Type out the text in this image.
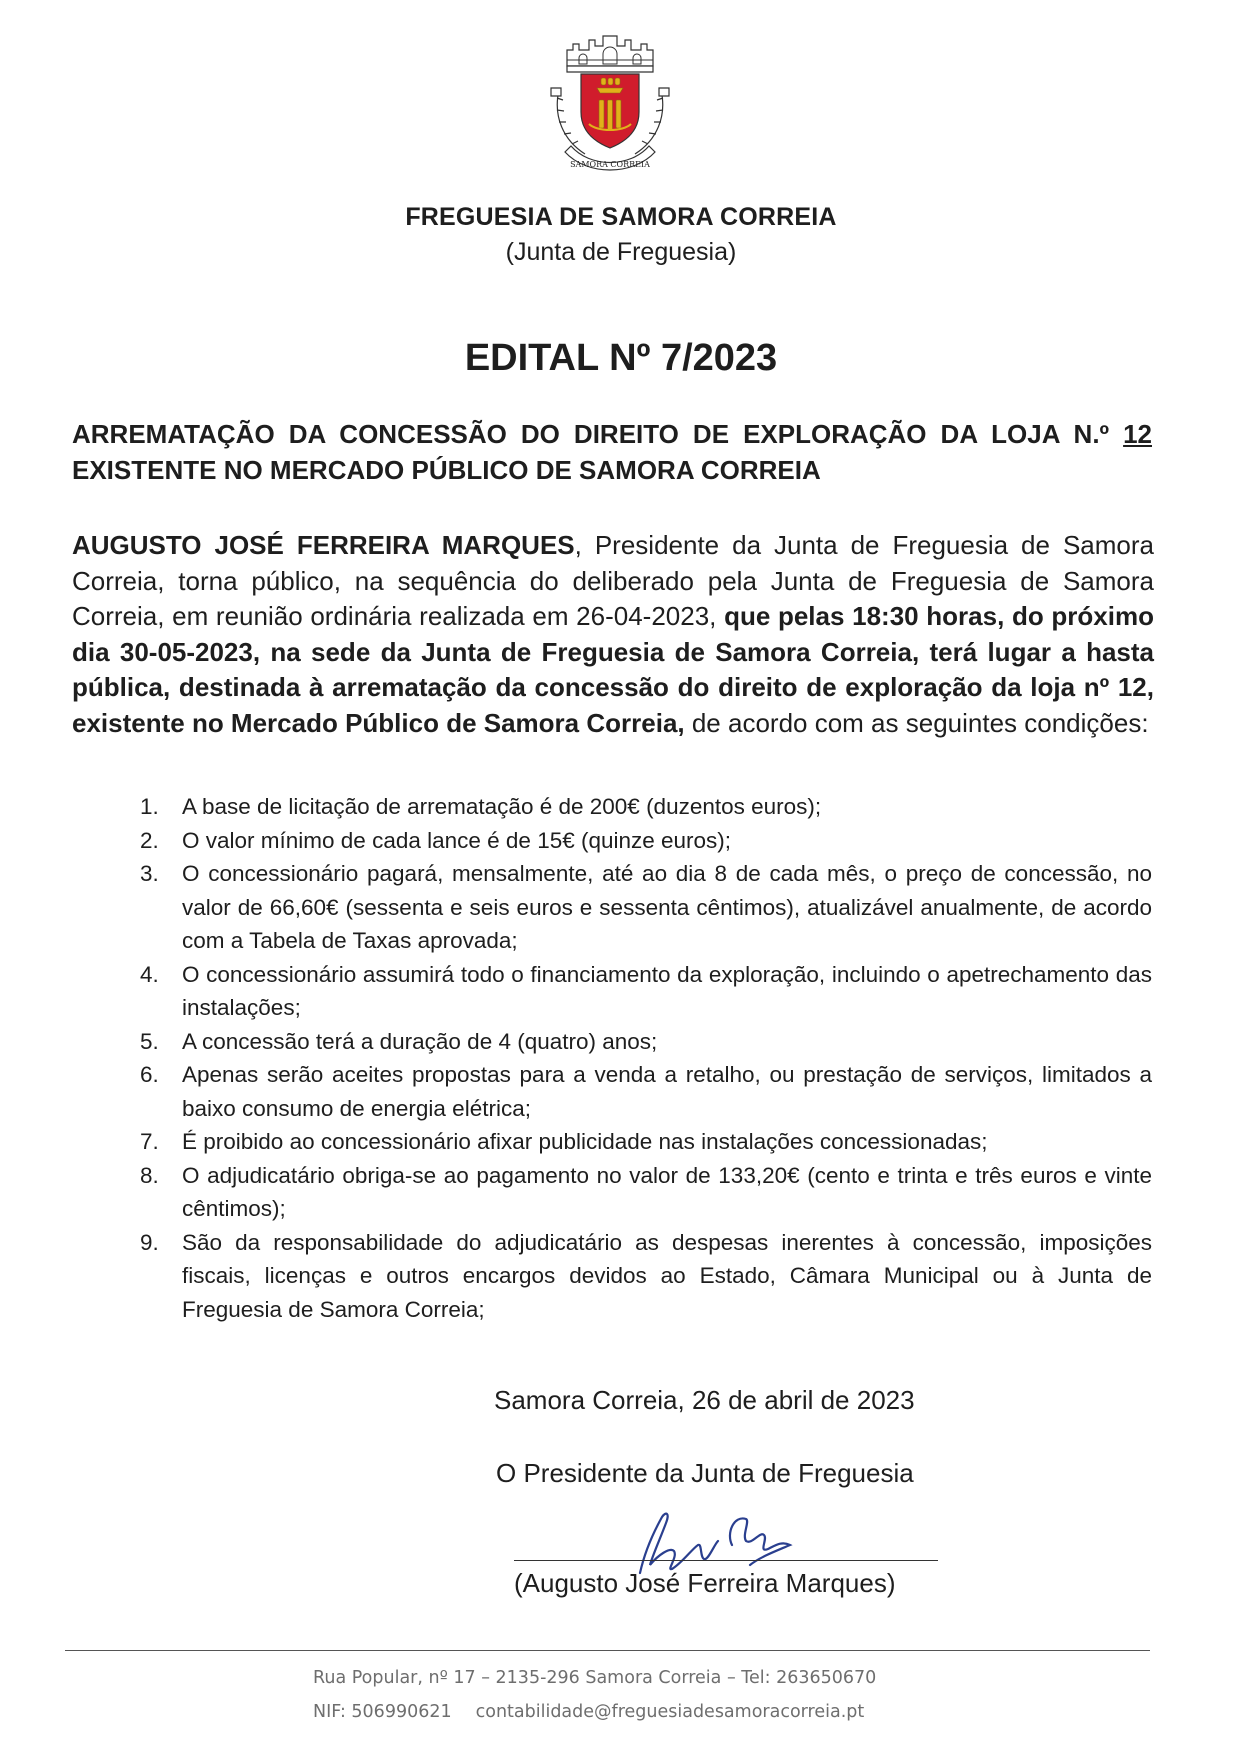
SAMORA CORREIA
FREGUESIA DE SAMORA CORREIA
(Junta de Freguesia)
EDITAL Nº 7/2023
ARREMATAÇÃO DA CONCESSÃO DO DIREITO DE EXPLORAÇÃO DA LOJA N.º 12 EXISTENTE NO MERCADO PÚBLICO DE SAMORA CORREIA
AUGUSTO JOSÉ FERREIRA MARQUES, Presidente da Junta de Freguesia de Samora Correia, torna público, na sequência do deliberado pela Junta de Freguesia de Samora Correia, em reunião ordinária realizada em 26-04-2023, que pelas 18:30 horas, do próximo dia 30-05-2023, na sede da Junta de Freguesia de Samora Correia, terá lugar a hasta pública, destinada à arrematação da concessão do direito de exploração da loja nº 12, existente no Mercado Público de Samora Correia, de acordo com as seguintes condições:
1.	A base de licitação de arrematação é de 200€ (duzentos euros);
2.	O valor mínimo de cada lance é de 15€ (quinze euros);
3.	O concessionário pagará, mensalmente, até ao dia 8 de cada mês, o preço de concessão, no valor de 66,60€ (sessenta e seis euros e sessenta cêntimos), atualizável anualmente, de acordo com a Tabela de Taxas aprovada;
4.	O concessionário assumirá todo o financiamento da exploração, incluindo o apetrechamento das instalações;
5.	A concessão terá a duração de 4 (quatro) anos;
6.	Apenas serão aceites propostas para a venda a retalho, ou prestação de serviços, limitados a baixo consumo de energia elétrica;
7.	É proibido ao concessionário afixar publicidade nas instalações concessionadas;
8.	O adjudicatário obriga-se ao pagamento no valor de 133,20€ (cento e trinta e três euros e vinte cêntimos);
9.	São da responsabilidade do adjudicatário as despesas inerentes à concessão, imposições fiscais, licenças e outros encargos devidos ao Estado, Câmara Municipal ou à Junta de Freguesia de Samora Correia;
Samora Correia, 26 de abril de 2023
O Presidente da Junta de Freguesia
(Augusto José Ferreira Marques)
Rua Popular, nº 17 – 2135-296 Samora Correia – Tel: 263650670
NIF: 506990621 contabilidade@freguesiadesamoracorreia.pt
